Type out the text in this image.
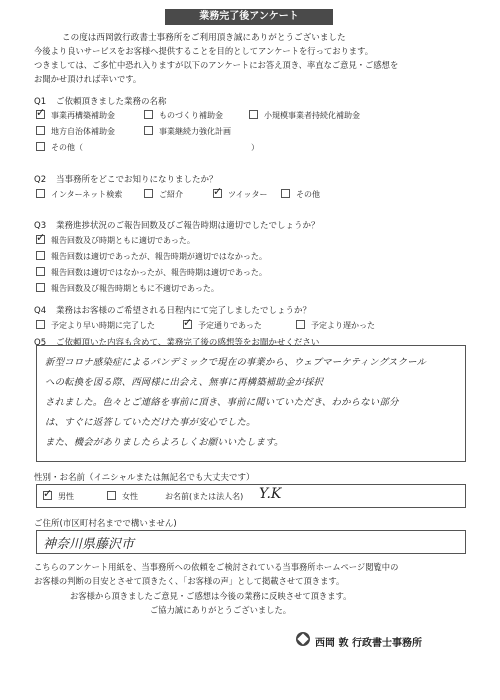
業務完了後アンケート
この度は西岡敦行政書士事務所をご利用頂き誠にありがとうございました
今後より良いサービスをお客様へ提供することを目的としてアンケートを行っております。
つきましては、ご多忙中恐れ入りますが以下のアンケートにお答え頂き、率直なご意見・ご感想を
お聞かせ頂ければ幸いです。
Q1 ご依頼頂きました業務の名称
✓事業再構築補助金	ものづくり補助金	小規模事業者持続化補助金
地方自治体補助金	事業継続力強化計画
その他（　　　　　　　　　　　　　　　　　　　　　）
Q2 当事務所をどこでお知りになりましたか？
インターネット検索	ご紹介 ✓	ツイッター	その他
Q3 業務進捗状況のご報告回数及びご報告時期は適切でしたでしょうか？
✓報告回数及び時期ともに適切であった。
報告回数は適切であったが、報告時期が適切ではなかった。
報告回数は適切ではなかったが、報告時期は適切であった。
報告回数及び報告時期ともに不適切であった。
Q4 業務はお客様のご希望される日程内にて完了しましたでしょうか？
予定より早い時期に完了した ✓	予定通りであった	予定より遅かった
Q5 ご依頼頂いた内容も含めて、業務完了後の感想等をお聞かせください
新型コロナ感染症によるパンデミックで現在の事業から、ウェブマーケティングスクール
への転換を図る際、西岡様に出会え、無事に再構築補助金が採択
されました。色々とご連絡を事前に頂き、事前に聞いていただき、わからない部分
は、すぐに返答していただけた事が安心でした。
また、機会がありましたらよろしくお願いいたします。
性別・お名前（イニシャルまたは無記名でも大丈夫です）
✓男性	女性	お名前(または法人名) Y.K
ご住所(市区町村名までで構いません)
神奈川県藤沢市
こちらのアンケート用紙を、当事務所への依頼をご検討されている当事務所ホームページ閲覧中の
お客様の判断の目安とさせて頂きたく、「お客様の声」として掲載させて頂きます。
お客様から頂きましたご意見・ご感想は今後の業務に反映させて頂きます。
ご協力誠にありがとうございました。
西岡 敦 行政書士事務所
